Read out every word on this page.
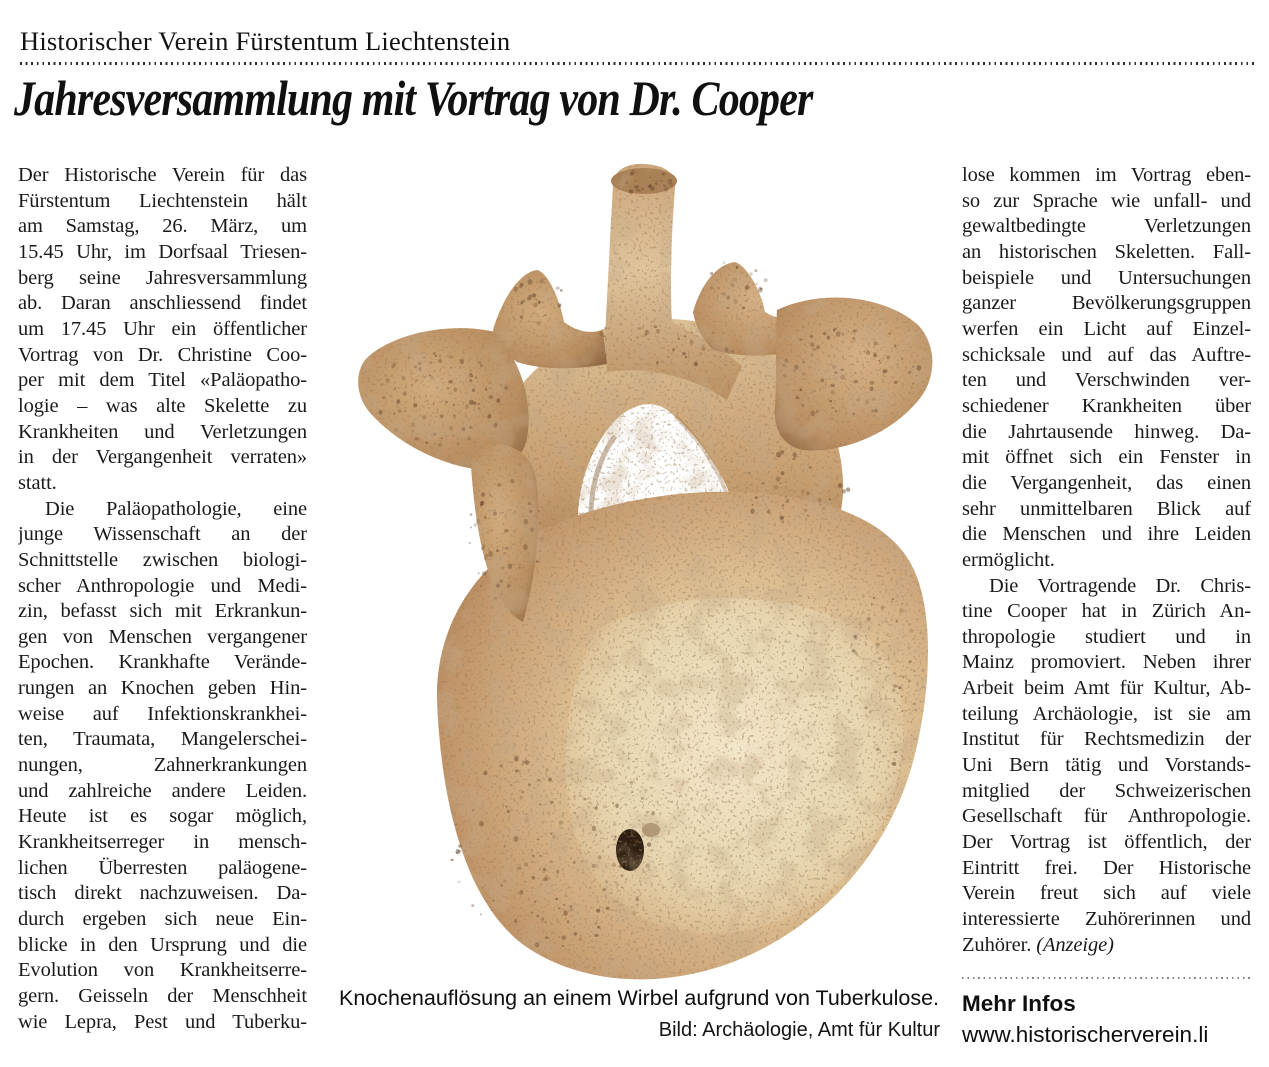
Historischer Verein Fürstentum Liechtenstein
Jahresversammlung mit Vortrag von Dr. Cooper
Der Historische Verein für das
Fürstentum Liechtenstein hält
am Samstag, 26. März, um
15.45 Uhr, im Dorfsaal Triesen-
berg seine Jahresversammlung
ab. Daran anschliessend findet
um 17.45 Uhr ein öffentlicher
Vortrag von Dr. Christine Coo-
per mit dem Titel «Paläopatho-
logie – was alte Skelette zu
Krankheiten und Verletzungen
in der Vergangenheit verraten»
statt.
Die Paläopathologie, eine
junge Wissenschaft an der
Schnittstelle zwischen biologi-
scher Anthropologie und Medi-
zin, befasst sich mit Erkrankun-
gen von Menschen vergangener
Epochen. Krankhafte Verände-
rungen an Knochen geben Hin-
weise auf Infektionskrankhei-
ten, Traumata, Mangelerschei-
nungen, Zahnerkrankungen
und zahlreiche andere Leiden.
Heute ist es sogar möglich,
Krankheitserreger in mensch-
lichen Überresten paläogene-
tisch direkt nachzuweisen. Da-
durch ergeben sich neue Ein-
blicke in den Ursprung und die
Evolution von Krankheitserre-
gern. Geisseln der Menschheit
wie Lepra, Pest und Tuberku-
lose kommen im Vortrag eben-
so zur Sprache wie unfall- und
gewaltbedingte Verletzungen
an historischen Skeletten. Fall-
beispiele und Untersuchungen
ganzer Bevölkerungsgruppen
werfen ein Licht auf Einzel-
schicksale und auf das Auftre-
ten und Verschwinden ver-
schiedener Krankheiten über
die Jahrtausende hinweg. Da-
mit öffnet sich ein Fenster in
die Vergangenheit, das einen
sehr unmittelbaren Blick auf
die Menschen und ihre Leiden
ermöglicht.
Die Vortragende Dr. Chris-
tine Cooper hat in Zürich An-
thropologie studiert und in
Mainz promoviert. Neben ihrer
Arbeit beim Amt für Kultur, Ab-
teilung Archäologie, ist sie am
Institut für Rechtsmedizin der
Uni Bern tätig und Vorstands-
mitglied der Schweizerischen
Gesellschaft für Anthropologie.
Der Vortrag ist öffentlich, der
Eintritt frei. Der Historische
Verein freut sich auf viele
interessierte Zuhörerinnen und
Zuhörer. (Anzeige)
Knochenauflösung an einem Wirbel aufgrund von Tuberkulose.
Bild: Archäologie, Amt für Kultur
Mehr Infos
www.historischerverein.li
